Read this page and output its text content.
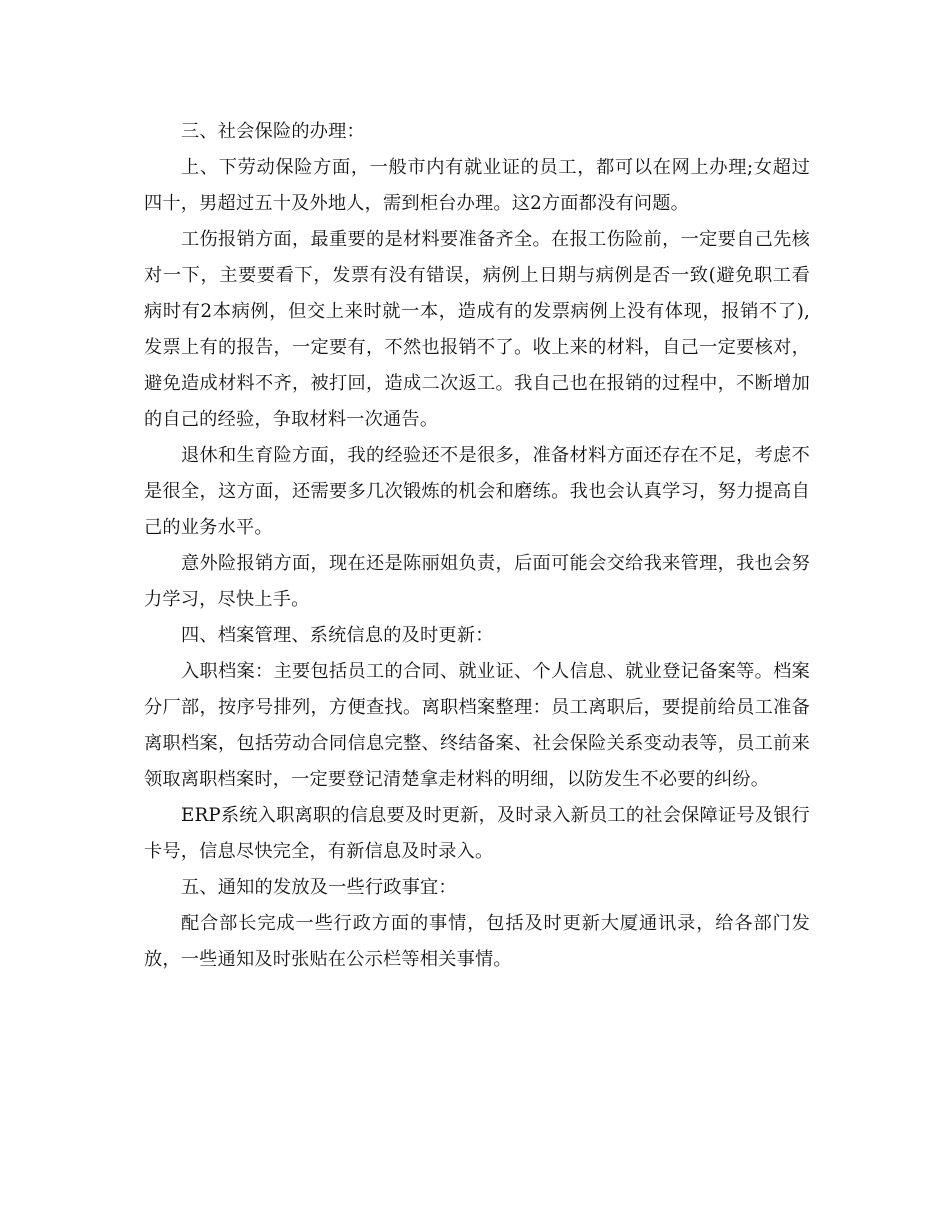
三、社会保险的办理：

上、下劳动保险方面，一般市内有就业证的员工，都可以在网上办理;女超过四十，男超过五十及外地人，需到柜台办理。这2方面都没有问题。

工伤报销方面，最重要的是材料要准备齐全。在报工伤险前，一定要自己先核对一下，主要要看下，发票有没有错误，病例上日期与病例是否一致(避免职工看病时有2本病例，但交上来时就一本，造成有的发票病例上没有体现，报销不了),发票上有的报告，一定要有，不然也报销不了。收上来的材料，自己一定要核对，避免造成材料不齐，被打回，造成二次返工。我自己也在报销的过程中，不断增加的自己的经验，争取材料一次通告。

退休和生育险方面，我的经验还不是很多，准备材料方面还存在不足，考虑不是很全，这方面，还需要多几次锻炼的机会和磨练。我也会认真学习，努力提高自己的业务水平。

意外险报销方面，现在还是陈丽姐负责，后面可能会交给我来管理，我也会努力学习，尽快上手。

四、档案管理、系统信息的及时更新：

入职档案：主要包括员工的合同、就业证、个人信息、就业登记备案等。档案分厂部，按序号排列，方便查找。离职档案整理：员工离职后，要提前给员工准备离职档案，包括劳动合同信息完整、终结备案、社会保险关系变动表等，员工前来领取离职档案时，一定要登记清楚拿走材料的明细，以防发生不必要的纠纷。

ERP系统入职离职的信息要及时更新，及时录入新员工的社会保障证号及银行卡号，信息尽快完全，有新信息及时录入。

五、通知的发放及一些行政事宜：

配合部长完成一些行政方面的事情，包括及时更新大厦通讯录，给各部门发放，一些通知及时张贴在公示栏等相关事情。
